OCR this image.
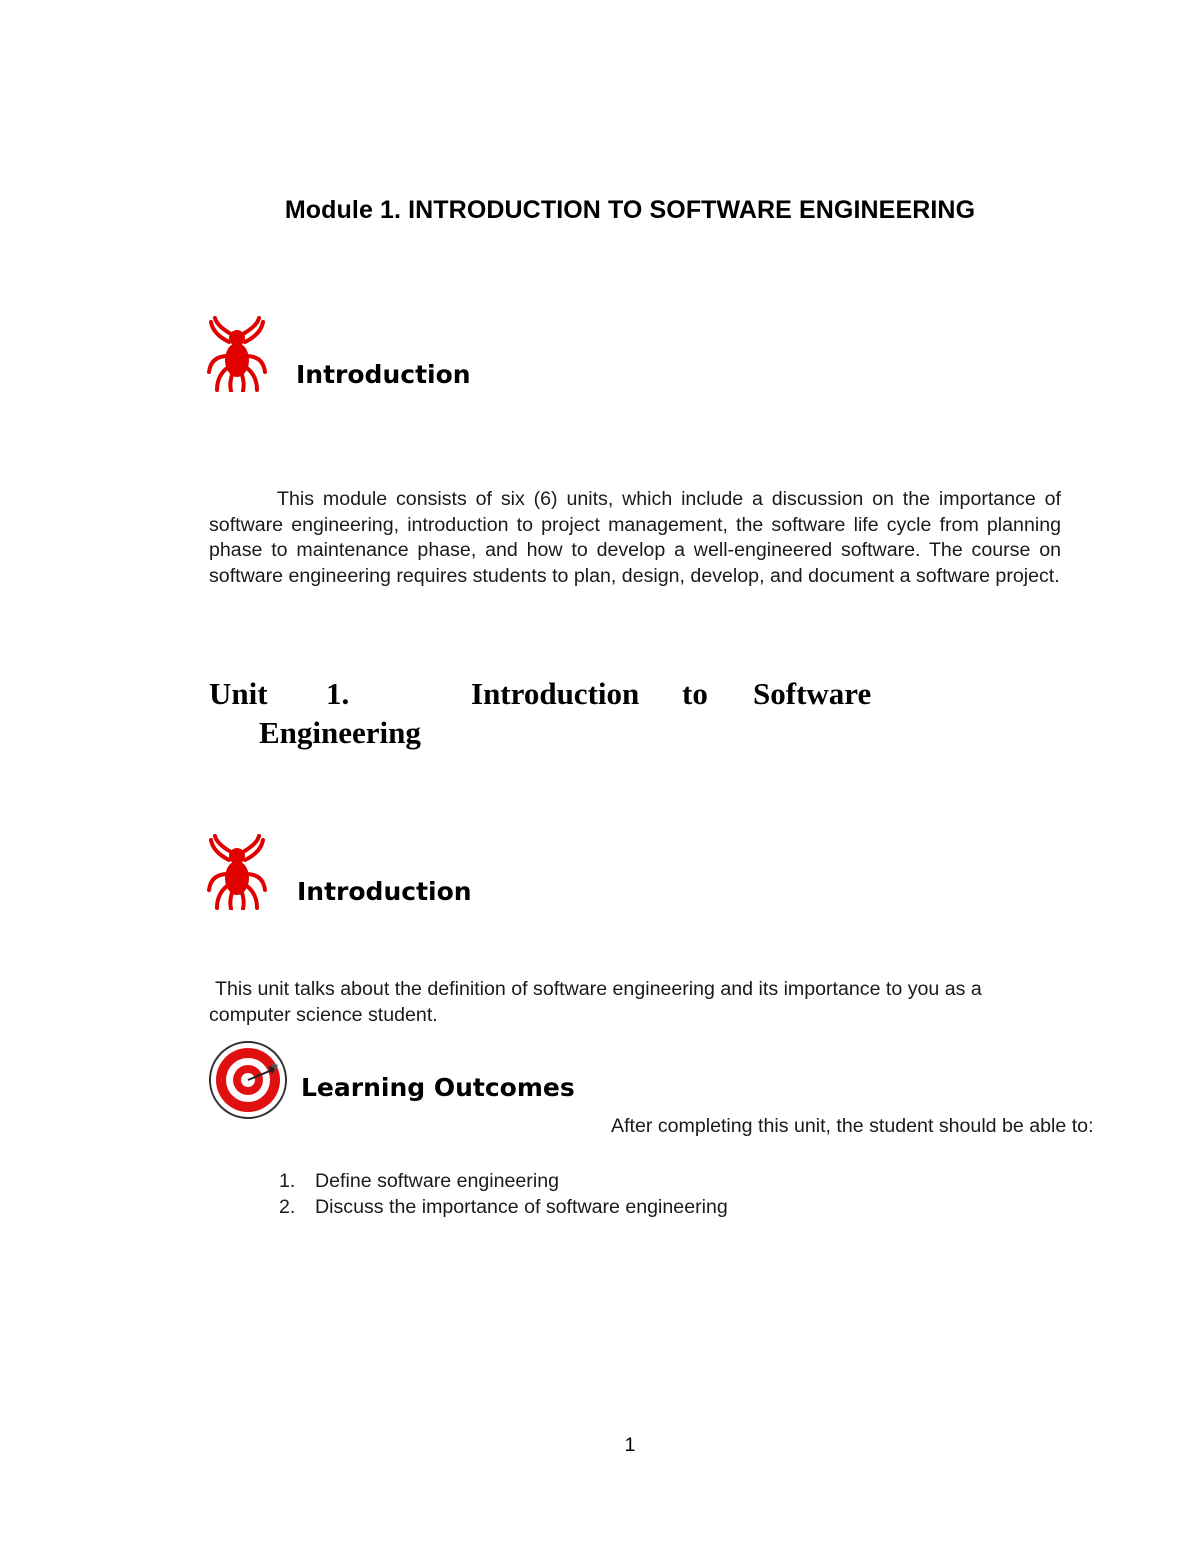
Module 1. INTRODUCTION TO SOFTWARE ENGINEERING
Introduction
This module consists of six (6) units, which include a discussion on the importance of software engineering, introduction to project management, the software life cycle from planning phase to maintenance phase, and how to develop a well-engineered software. The course on software engineering requires students to plan, design, develop, and document a software project.
Unit 1.	Introduction to Software
Engineering
Introduction
This unit talks about the definition of software engineering and its importance to you as a
computer science student.
Learning Outcomes
After completing this unit, the student should be able to:
1. Define software engineering
2. Discuss the importance of software engineering
1
